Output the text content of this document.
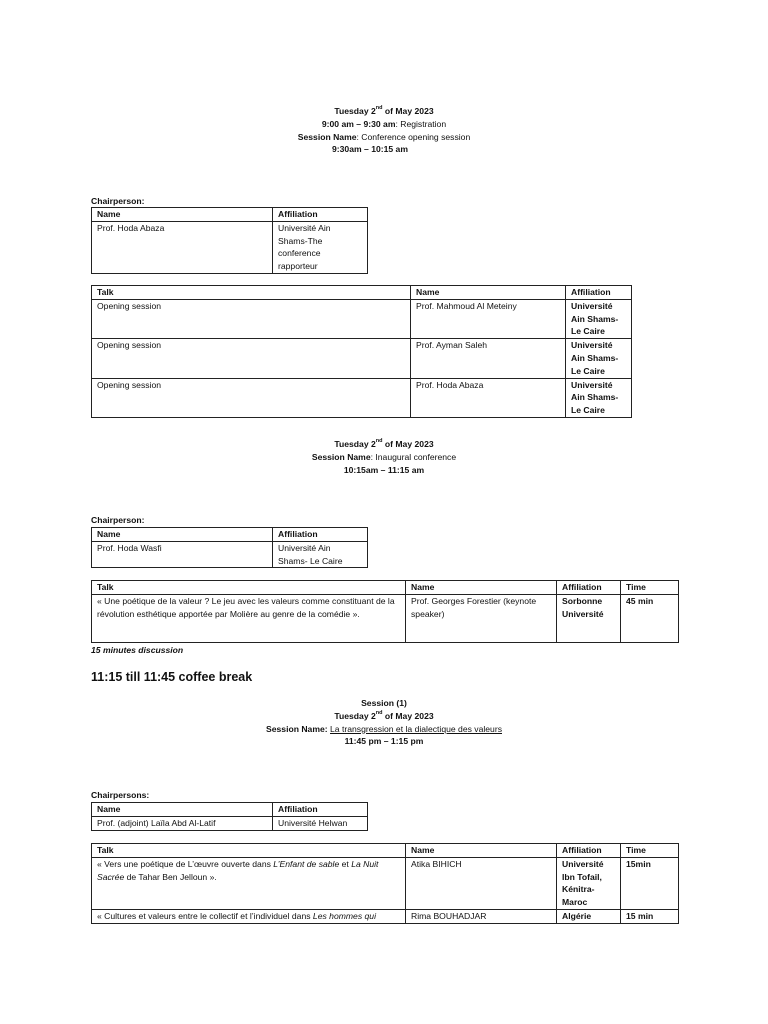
Tuesday 2nd of May 2023
9:00 am – 9:30 am: Registration
Session Name: Conference opening session
9:30am – 10:15 am
Chairperson:
Name	Affiliation
Prof. Hoda Abaza	Université Ain Shams-The conference rapporteur
Talk	Name	Affiliation
Opening session	Prof. Mahmoud Al Meteiny	Université Ain Shams-Le Caire
Opening session	Prof. Ayman Saleh	Université Ain Shams-Le Caire
Opening session	Prof. Hoda Abaza	Université Ain Shams-Le Caire
Tuesday 2nd of May 2023
Session Name: Inaugural conference
10:15am – 11:15 am
Chairperson:
Name	Affiliation
Prof. Hoda Wasfi	Université Ain Shams- Le Caire
Talk	Name	Affiliation	Time
« Une poétique de la valeur ? Le jeu avec les valeurs comme constituant de la révolution esthétique apportée par Molière au genre de la comédie ».	Prof. Georges Forestier (keynote speaker)	Sorbonne Université	45 min
15 minutes discussion
11:15 till 11:45 coffee break
Session (1)
Tuesday 2nd of May 2023
Session Name: La transgression et la dialectique des valeurs
11:45 pm – 1:15 pm
Chairpersons:
Name	Affiliation
Prof. (adjoint) Laïla Abd Al-Latif	Université Helwan
Talk	Name	Affiliation	Time
« Vers une poétique de L’œuvre ouverte dans L’Enfant de sable et La Nuit Sacrée de Tahar Ben Jelloun ».	Atika BIHICH	Université Ibn Tofail, Kénitra-Maroc	15min
« Cultures et valeurs entre le collectif et l’individuel dans Les hommes qui	Rima BOUHADJAR	Algérie	15 min
